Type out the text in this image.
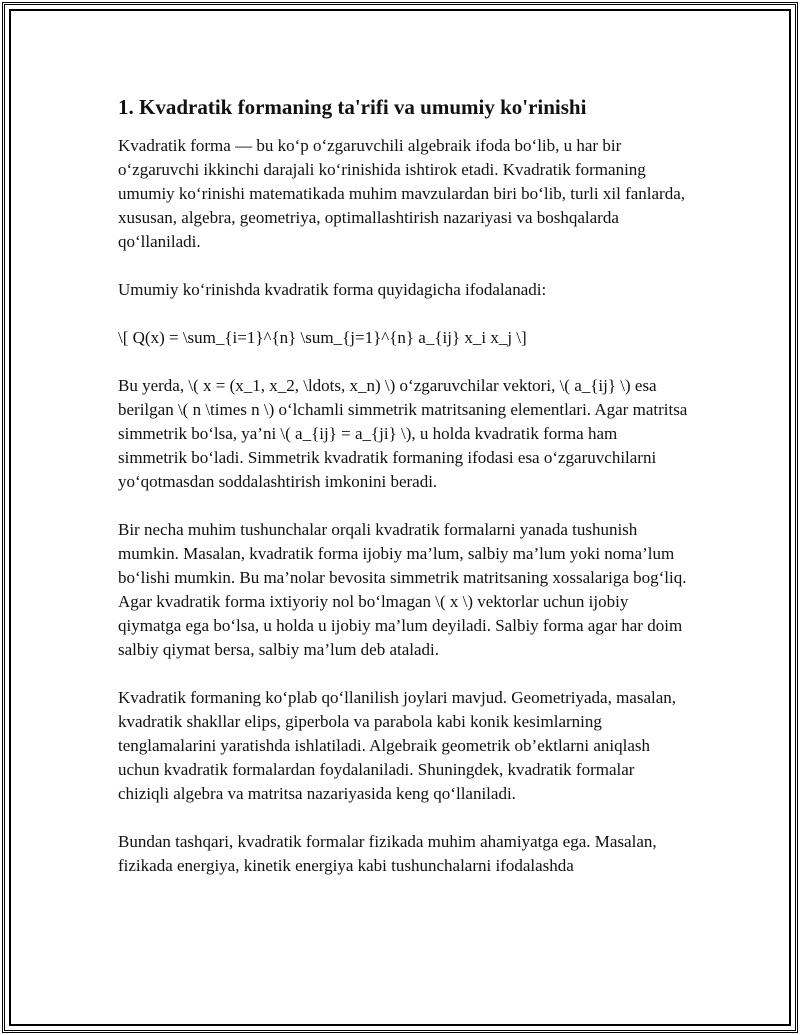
1. Kvadratik formaning ta'rifi va umumiy ko'rinishi

Kvadratik forma — bu ko‘p o‘zgaruvchili algebraik ifoda bo‘lib, u har bir o‘zgaruvchi ikkinchi darajali ko‘rinishida ishtirok etadi. Kvadratik formaning umumiy ko‘rinishi matematikada muhim mavzulardan biri bo‘lib, turli xil fanlarda, xususan, algebra, geometriya, optimallashtirish nazariyasi va boshqalarda qo‘llaniladi.

Umumiy ko‘rinishda kvadratik forma quyidagicha ifodalanadi:

\[ Q(x) = \sum_{i=1}^{n} \sum_{j=1}^{n} a_{ij} x_i x_j \]

Bu yerda, \( x = (x_1, x_2, \ldots, x_n) \) o‘zgaruvchilar vektori, \( a_{ij} \) esa berilgan \( n \times n \) o‘lchamli simmetrik matritsaning elementlari. Agar matritsa simmetrik bo‘lsa, ya’ni \( a_{ij} = a_{ji} \), u holda kvadratik forma ham simmetrik bo‘ladi. Simmetrik kvadratik formaning ifodasi esa o‘zgaruvchilarni yo‘qotmasdan soddalashtirish imkonini beradi.

Bir necha muhim tushunchalar orqali kvadratik formalarni yanada tushunish mumkin. Masalan, kvadratik forma ijobiy ma’lum, salbiy ma’lum yoki noma’lum bo‘lishi mumkin. Bu ma’nolar bevosita simmetrik matritsaning xossalariga bog‘liq. Agar kvadratik forma ixtiyoriy nol bo‘lmagan \( x \) vektorlar uchun ijobiy qiymatga ega bo‘lsa, u holda u ijobiy ma’lum deyiladi. Salbiy forma agar har doim salbiy qiymat bersa, salbiy ma’lum deb ataladi.

Kvadratik formaning ko‘plab qo‘llanilish joylari mavjud. Geometriyada, masalan, kvadratik shakllar elips, giperbola va parabola kabi konik kesimlarning tenglamalarini yaratishda ishlatiladi. Algebraik geometrik ob’ektlarni aniqlash uchun kvadratik formalardan foydalaniladi. Shuningdek, kvadratik formalar chiziqli algebra va matritsa nazariyasida keng qo‘llaniladi.

Bundan tashqari, kvadratik formalar fizikada muhim ahamiyatga ega. Masalan, fizikada energiya, kinetik energiya kabi tushunchalarni ifodalashda
